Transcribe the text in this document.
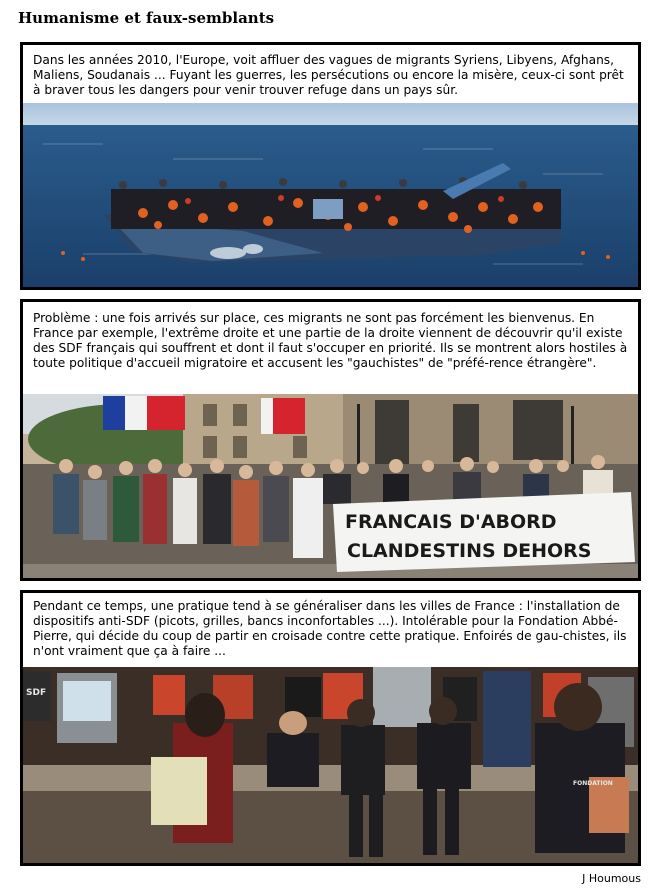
Humanisme et faux-semblants
Dans les années 2010, l'Europe, voit affluer des vagues de migrants Syriens, Libyens, Afghans, Maliens, Soudanais ... Fuyant les guerres, les persécutions ou encore la misère, ceux-ci sont prêt à braver tous les dangers pour venir trouver refuge dans un pays sûr.
Problème : une fois arrivés sur place, ces migrants ne sont pas forcément les bienvenus. En France par exemple, l'extrême droite et une partie de la droite viennent de découvrir qu'il existe des SDF français qui souffrent et dont il faut s'occuper en priorité. Ils se montrent alors hostiles à toute politique d'accueil migratoire et accusent les "gauchistes" de "préfé-rence étrangère".
FRANCAIS D'ABORD
CLANDESTINS DEHORS
Pendant ce temps, une pratique tend à se généraliser dans les villes de France : l'installation de dispositifs anti-SDF (picots, grilles, bancs inconfortables ...). Intolérable pour la Fondation Abbé-Pierre, qui décide du coup de partir en croisade contre cette pratique. Enfoirés de gau-chistes, ils n'ont vraiment que ça à faire ...
SDF
FONDATION
J Houmous
